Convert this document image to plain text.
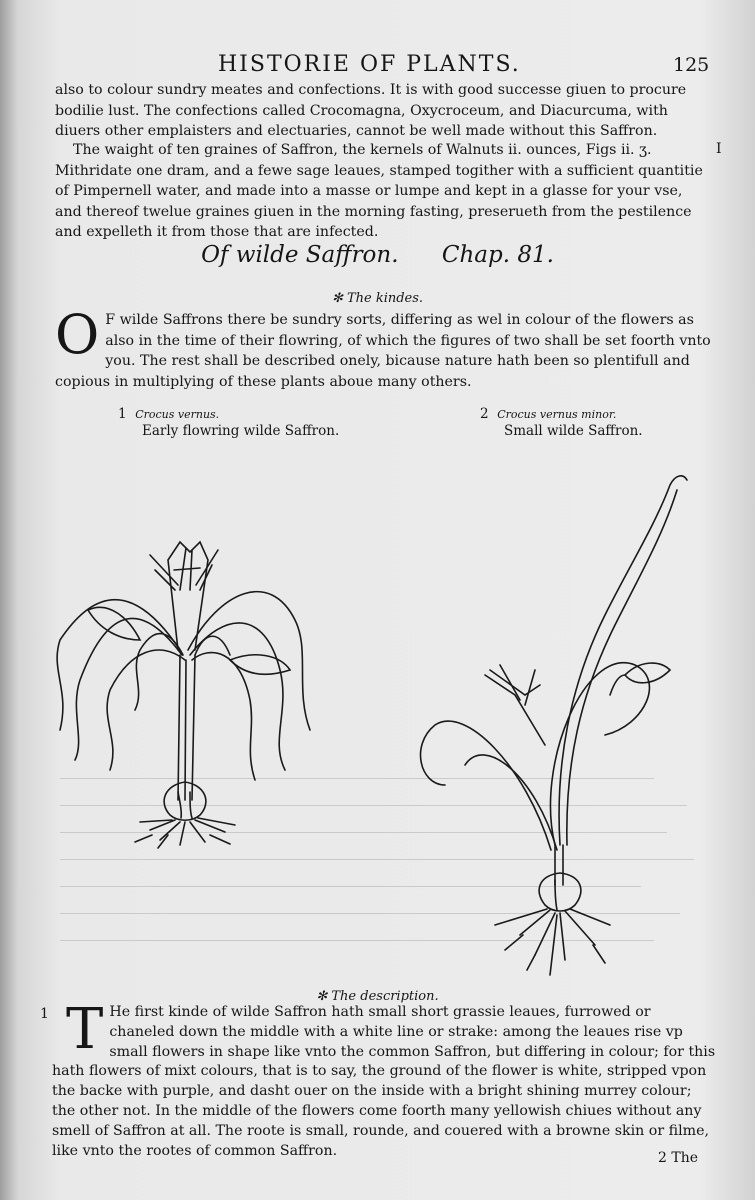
HISTORIE OF PLANTS.	125
also to colour sundry meates and confections. It is with good successe giuen to procure bodilie lust. The confections called Crocomagna, Oxycroceum, and Diacurcuma, with diuers other emplaisters and electuaries, cannot be well made without this Saffron.
The waight of ten graines of Saffron, the kernels of Walnuts ii. ounces, Figs ii. ʒ. Mithridate one dram, and a fewe sage leaues, stamped togither with a sufficient quantitie of Pimpernell water, and made into a masse or lumpe and kept in a glasse for your vse, and thereof twelue graines giuen in the morning fasting, preserueth from the pestilence and expelleth it from those that are infected.
I
Of wilde Saffron. Chap. 81.
✻ The kindes.
O F wilde Saffrons there be sundry sorts, differing as wel in colour of the flowers as also in the time of their flowring, of which the figures of two shall be set foorth vnto you. The rest shall be described onely, bicause nature hath been so plentifull and copious in multiplying of these plants aboue many others.
1 Crocus vernus.
Early flowring wilde Saffron.
2 Crocus vernus minor.
Small wilde Saffron.
✻ The description.
1 T He first kinde of wilde Saffron hath small short grassie leaues, furrowed or chaneled down the middle with a white line or strake: among the leaues rise vp small flowers in shape like vnto the common Saffron, but differing in colour; for this hath flowers of mixt colours, that is to say, the ground of the flower is white, stripped vpon the backe with purple, and dasht ouer on the inside with a bright shining murrey colour; the other not. In the middle of the flowers come foorth many yellowish chiues without any smell of Saffron at all. The roote is small, rounde, and couered with a browne skin or filme, like vnto the rootes of common Saffron.	2 The
